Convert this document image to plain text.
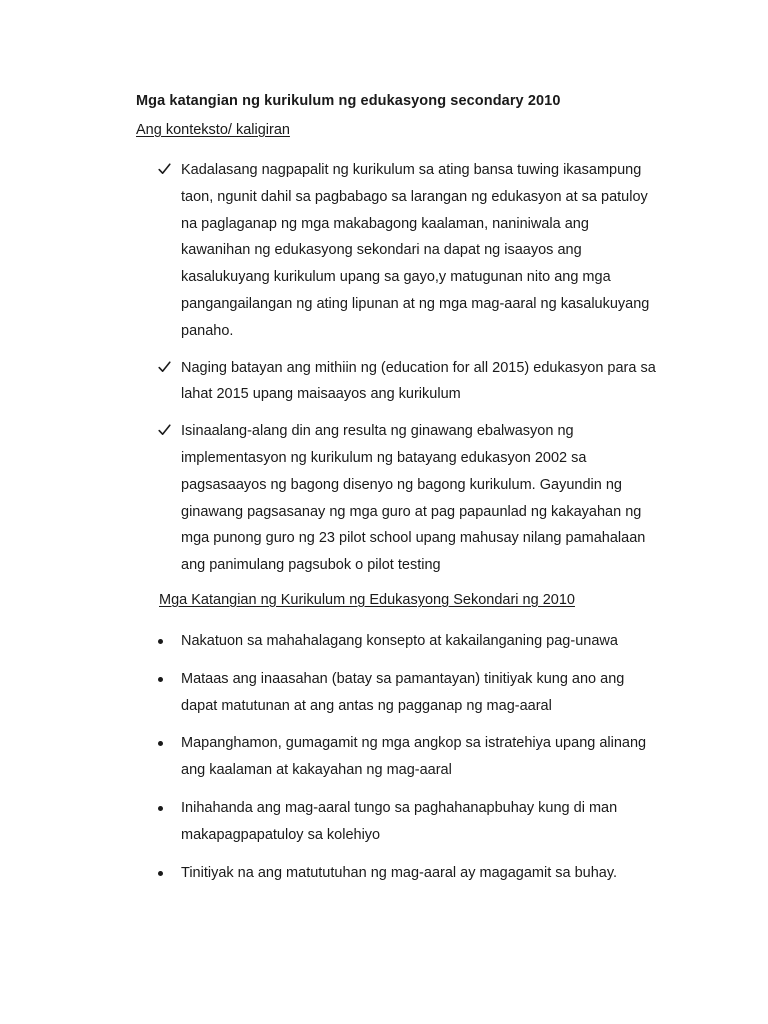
Mga katangian ng kurikulum ng edukasyong secondary 2010
Ang konteksto/ kaligiran
Kadalasang nagpapalit ng kurikulum sa ating bansa tuwing ikasampung
taon, ngunit dahil sa pagbabago sa larangan ng edukasyon at sa patuloy
na paglaganap ng mga makabagong kaalaman, naniniwala ang
kawanihan ng edukasyong sekondari na dapat ng isaayos ang
kasalukuyang kurikulum upang sa gayo,y matugunan nito ang mga
pangangailangan ng ating lipunan at ng mga mag-aaral ng kasalukuyang
panaho.
Naging batayan ang mithiin ng (education for all 2015) edukasyon para sa
lahat 2015 upang maisaayos ang kurikulum
Isinaalang-alang din ang resulta ng ginawang ebalwasyon ng
implementasyon ng kurikulum ng batayang edukasyon 2002 sa
pagsasaayos ng bagong disenyo ng bagong kurikulum. Gayundin ng
ginawang pagsasanay ng mga guro at pag papaunlad ng kakayahan ng
mga punong guro ng 23 pilot school upang mahusay nilang pamahalaan
ang panimulang pagsubok o pilot testing
Mga Katangian ng Kurikulum ng Edukasyong Sekondari ng 2010
Nakatuon sa mahahalagang konsepto at kakailanganing pag-unawa
Mataas ang inaasahan (batay sa pamantayan) tinitiyak kung ano ang
dapat matutunan at ang antas ng pagganap ng mag-aaral
Mapanghamon, gumagamit ng mga angkop sa istratehiya upang alinang
ang kaalaman at kakayahan ng mag-aaral
Inihahanda ang mag-aaral tungo sa paghahanapbuhay kung di man
makapagpapatuloy sa kolehiyo
Tinitiyak na ang matututuhan ng mag-aaral ay magagamit sa buhay.
